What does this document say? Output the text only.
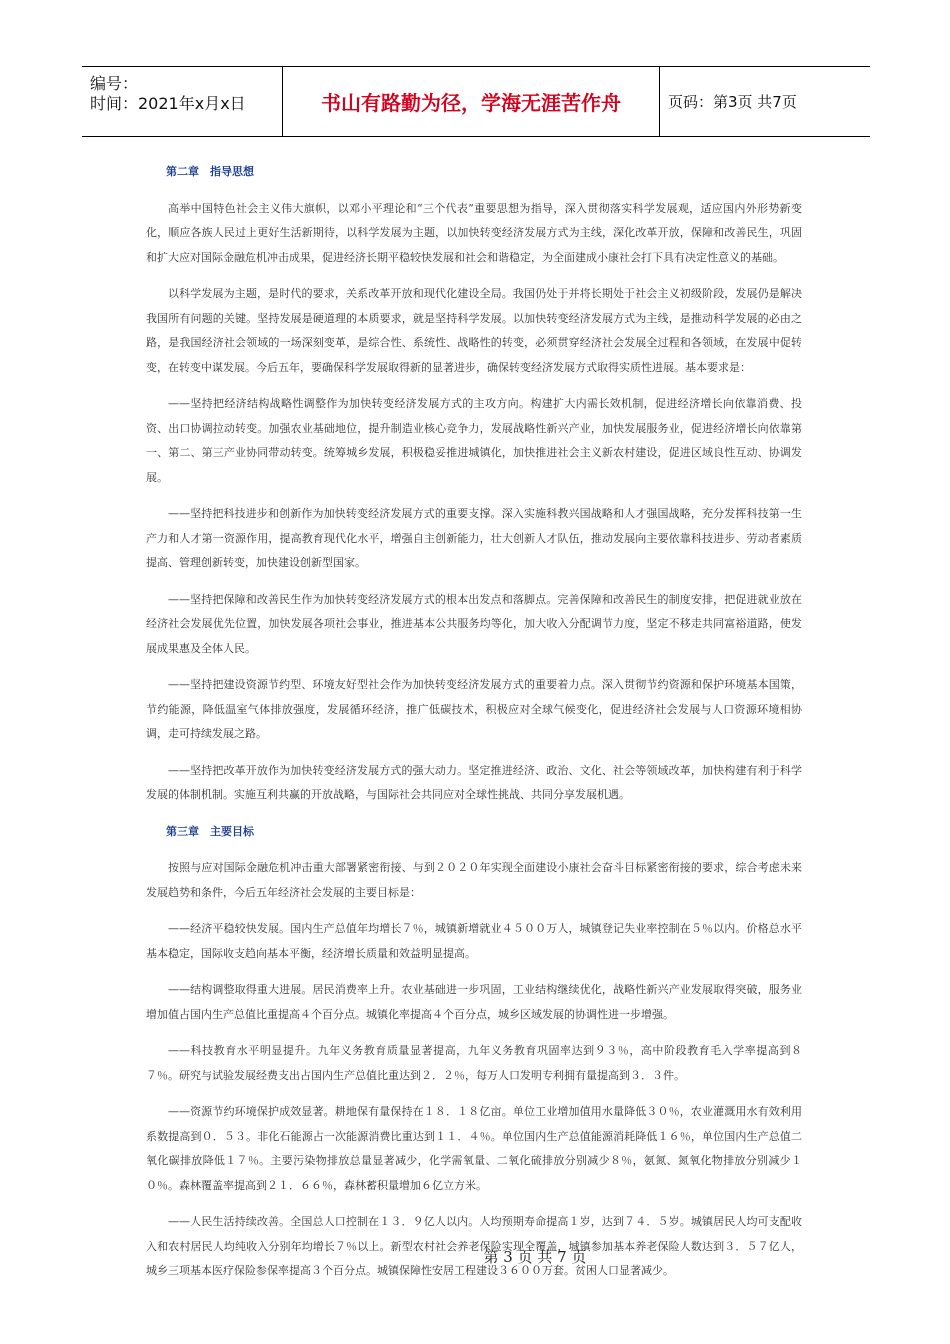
编号：
时间：2021年x月x日	书山有路勤为径，学海无涯苦作舟	页码：第3页 共7页
第二章　指导思想

高举中国特色社会主义伟大旗帜，以邓小平理论和“三个代表”重要思想为指导，深入贯彻落实科学发展观，适应国内外形势新变化，顺应各族人民过上更好生活新期待，以科学发展为主题，以加快转变经济发展方式为主线，深化改革开放，保障和改善民生，巩固和扩大应对国际金融危机冲击成果，促进经济长期平稳较快发展和社会和谐稳定，为全面建成小康社会打下具有决定性意义的基础。

以科学发展为主题，是时代的要求，关系改革开放和现代化建设全局。我国仍处于并将长期处于社会主义初级阶段，发展仍是解决我国所有问题的关键。坚持发展是硬道理的本质要求，就是坚持科学发展。以加快转变经济发展方式为主线，是推动科学发展的必由之路，是我国经济社会领域的一场深刻变革，是综合性、系统性、战略性的转变，必须贯穿经济社会发展全过程和各领域，在发展中促转变，在转变中谋发展。今后五年，要确保科学发展取得新的显著进步，确保转变经济发展方式取得实质性进展。基本要求是：

——坚持把经济结构战略性调整作为加快转变经济发展方式的主攻方向。构建扩大内需长效机制，促进经济增长向依靠消费、投资、出口协调拉动转变。加强农业基础地位，提升制造业核心竞争力，发展战略性新兴产业，加快发展服务业，促进经济增长向依靠第一、第二、第三产业协同带动转变。统筹城乡发展，积极稳妥推进城镇化，加快推进社会主义新农村建设，促进区域良性互动、协调发展。

——坚持把科技进步和创新作为加快转变经济发展方式的重要支撑。深入实施科教兴国战略和人才强国战略，充分发挥科技第一生产力和人才第一资源作用，提高教育现代化水平，增强自主创新能力，壮大创新人才队伍，推动发展向主要依靠科技进步、劳动者素质提高、管理创新转变，加快建设创新型国家。

——坚持把保障和改善民生作为加快转变经济发展方式的根本出发点和落脚点。完善保障和改善民生的制度安排，把促进就业放在经济社会发展优先位置，加快发展各项社会事业，推进基本公共服务均等化，加大收入分配调节力度，坚定不移走共同富裕道路，使发展成果惠及全体人民。

——坚持把建设资源节约型、环境友好型社会作为加快转变经济发展方式的重要着力点。深入贯彻节约资源和保护环境基本国策，节约能源，降低温室气体排放强度，发展循环经济，推广低碳技术，积极应对全球气候变化，促进经济社会发展与人口资源环境相协调，走可持续发展之路。

——坚持把改革开放作为加快转变经济发展方式的强大动力。坚定推进经济、政治、文化、社会等领域改革，加快构建有利于科学发展的体制机制。实施互利共赢的开放战略，与国际社会共同应对全球性挑战、共同分享发展机遇。

第三章　主要目标

按照与应对国际金融危机冲击重大部署紧密衔接、与到２０２０年实现全面建设小康社会奋斗目标紧密衔接的要求，综合考虑未来发展趋势和条件，今后五年经济社会发展的主要目标是：

——经济平稳较快发展。国内生产总值年均增长７％，城镇新增就业４５００万人，城镇登记失业率控制在５％以内。价格总水平基本稳定，国际收支趋向基本平衡，经济增长质量和效益明显提高。

——结构调整取得重大进展。居民消费率上升。农业基础进一步巩固，工业结构继续优化，战略性新兴产业发展取得突破，服务业增加值占国内生产总值比重提高４个百分点。城镇化率提高４个百分点，城乡区域发展的协调性进一步增强。

——科技教育水平明显提升。九年义务教育质量显著提高，九年义务教育巩固率达到９３％，高中阶段教育毛入学率提高到８７％。研究与试验发展经费支出占国内生产总值比重达到２．２％，每万人口发明专利拥有量提高到３．３件。

——资源节约环境保护成效显著。耕地保有量保持在１８．１８亿亩。单位工业增加值用水量降低３０％，农业灌溉用水有效利用系数提高到０．５３。非化石能源占一次能源消费比重达到１１．４％。单位国内生产总值能源消耗降低１６％，单位国内生产总值二氧化碳排放降低１７％。主要污染物排放总量显著减少，化学需氧量、二氧化硫排放分别减少８％，氨氮、氮氧化物排放分别减少１０％。森林覆盖率提高到２１．６６％，森林蓄积量增加６亿立方米。

——人民生活持续改善。全国总人口控制在１３．９亿人以内。人均预期寿命提高１岁，达到７４．５岁。城镇居民人均可支配收入和农村居民人均纯收入分别年均增长７％以上。新型农村社会养老保险实现全覆盖，城镇参加基本养老保险人数达到３．５７亿人，城乡三项基本医疗保险参保率提高３个百分点。城镇保障性安居工程建设３６００万套。贫困人口显著减少。

第 3 页 共 7 页
